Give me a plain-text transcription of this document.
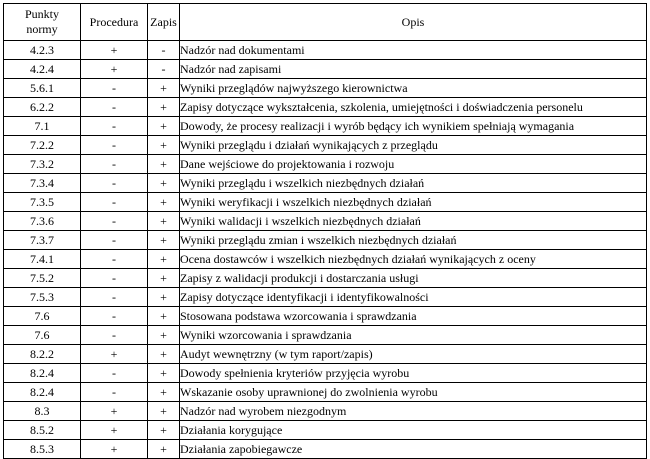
Punkty
normy	Procedura	Zapis	Opis
4.2.3	+	-	Nadzór nad dokumentami
4.2.4	+	-	Nadzór nad zapisami
5.6.1	-	+	Wyniki przeglądów najwyższego kierownictwa
6.2.2	-	+	Zapisy dotyczące wykształcenia, szkolenia, umiejętności i doświadczenia personelu
7.1	-	+	Dowody, że procesy realizacji i wyrób będący ich wynikiem spełniają wymagania
7.2.2	-	+	Wyniki przeglądu i działań wynikających z przeglądu
7.3.2	-	+	Dane wejściowe do projektowania i rozwoju
7.3.4	-	+	Wyniki przeglądu i wszelkich niezbędnych działań
7.3.5	-	+	Wyniki weryfikacji i wszelkich niezbędnych działań
7.3.6	-	+	Wyniki walidacji i wszelkich niezbędnych działań
7.3.7	-	+	Wyniki przeglądu zmian i wszelkich niezbędnych działań
7.4.1	-	+	Ocena dostawców i wszelkich niezbędnych działań wynikających z oceny
7.5.2	-	+	Zapisy z walidacji produkcji i dostarczania usługi
7.5.3	-	+	Zapisy dotyczące identyfikacji i identyfikowalności
7.6	-	+	Stosowana podstawa wzorcowania i sprawdzania
7.6	-	+	Wyniki wzorcowania i sprawdzania
8.2.2	+	+	Audyt wewnętrzny (w tym raport/zapis)
8.2.4	-	+	Dowody spełnienia kryteriów przyjęcia wyrobu
8.2.4	-	+	Wskazanie osoby uprawnionej do zwolnienia wyrobu
8.3	+	+	Nadzór nad wyrobem niezgodnym
8.5.2	+	+	Działania korygujące
8.5.3	+	+	Działania zapobiegawcze
